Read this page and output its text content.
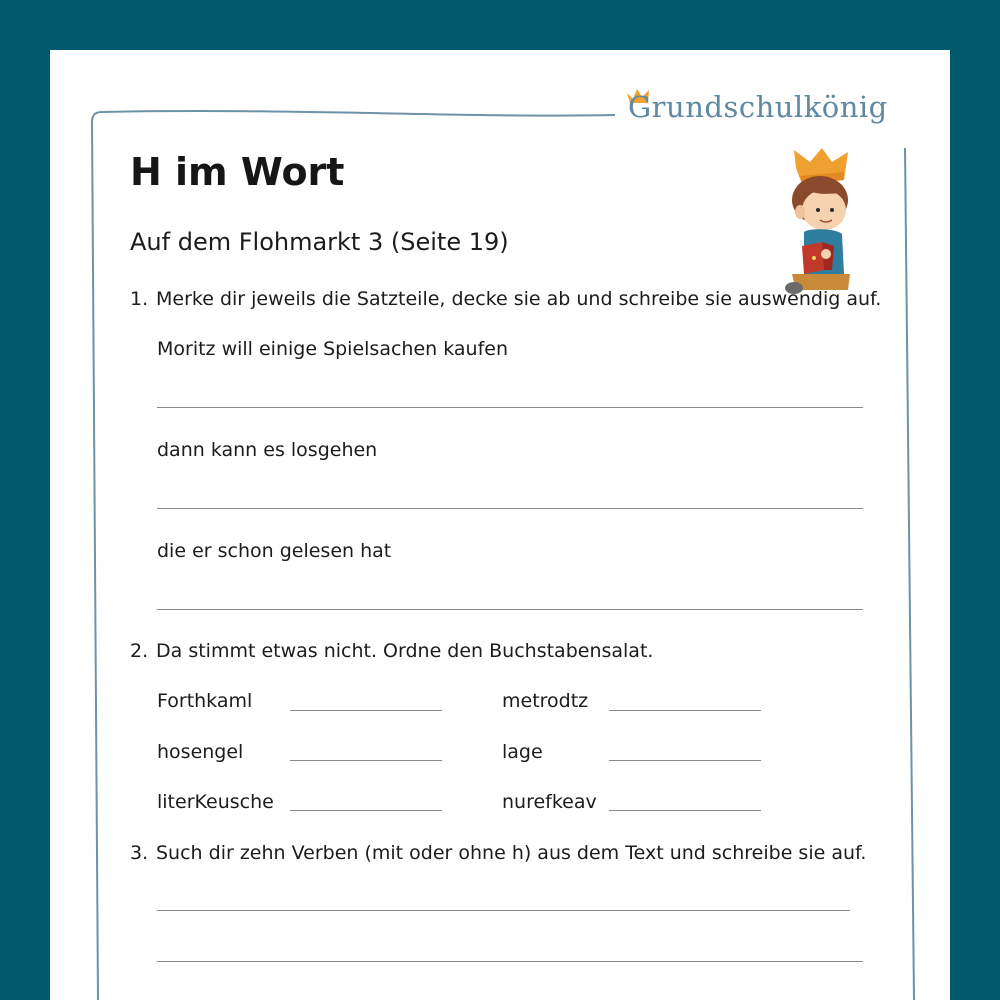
Grundschulkönig
H im Wort
Auf dem Flohmarkt 3 (Seite 19)
1. Merke dir jeweils die Satzteile, decke sie ab und schreibe sie auswendig auf.
Moritz will einige Spielsachen kaufen
dann kann es losgehen
die er schon gelesen hat
2. Da stimmt etwas nicht. Ordne den Buchstabensalat.
Forthkaml	metrodtz
hosengel	lage
literKeusche	nurefkeav
3. Such dir zehn Verben (mit oder ohne h) aus dem Text und schreibe sie auf.
